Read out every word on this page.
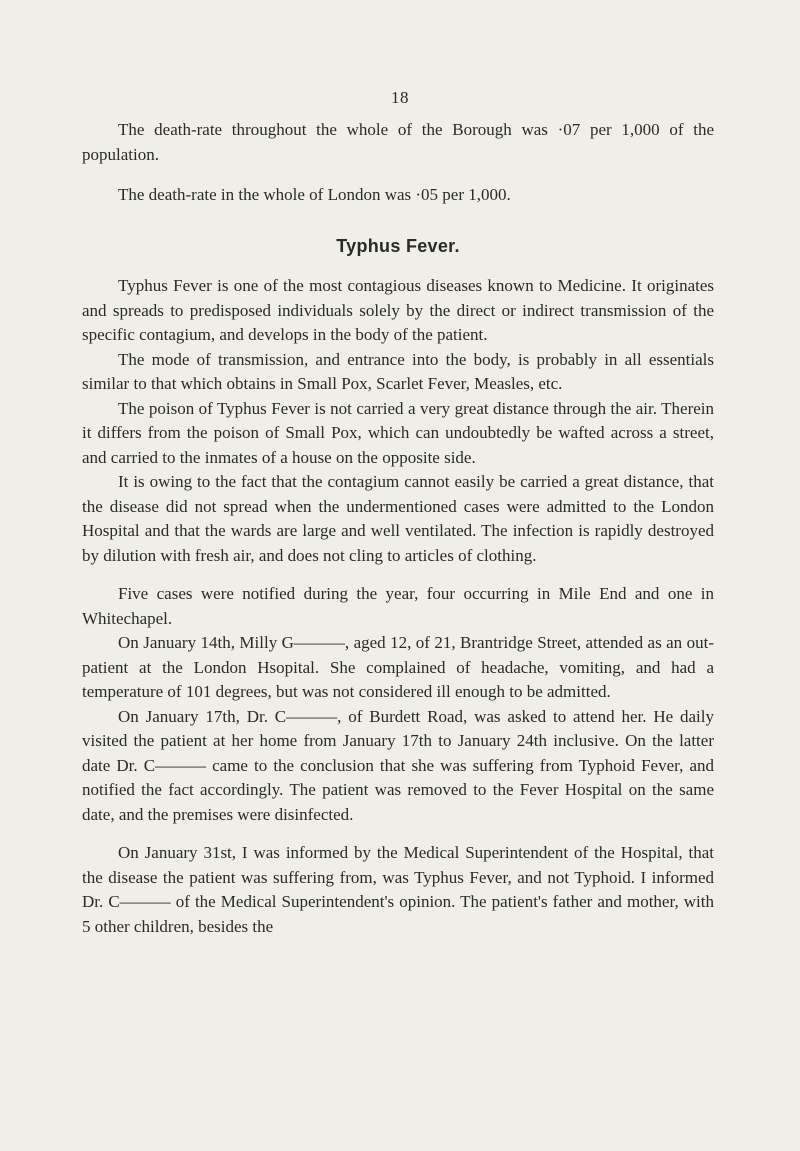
18

The death-rate throughout the whole of the Borough was ·07 per 1,000 of the population.

The death-rate in the whole of London was ·05 per 1,000.

Typhus Fever.

Typhus Fever is one of the most contagious diseases known to Medicine. It originates and spreads to predisposed individuals solely by the direct or indirect transmission of the specific contagium, and develops in the body of the patient.

The mode of transmission, and entrance into the body, is probably in all essentials similar to that which obtains in Small Pox, Scarlet Fever, Measles, etc.

The poison of Typhus Fever is not carried a very great distance through the air. Therein it differs from the poison of Small Pox, which can undoubtedly be wafted across a street, and carried to the inmates of a house on the opposite side.

It is owing to the fact that the contagium cannot easily be carried a great distance, that the disease did not spread when the undermentioned cases were admitted to the London Hospital and that the wards are large and well ventilated. The infection is rapidly destroyed by dilution with fresh air, and does not cling to articles of clothing.

Five cases were notified during the year, four occurring in Mile End and one in Whitechapel.

On January 14th, Milly G———, aged 12, of 21, Brantridge Street, attended as an out-patient at the London Hsopital. She complained of headache, vomiting, and had a temperature of 101 degrees, but was not considered ill enough to be admitted.

On January 17th, Dr. C———, of Burdett Road, was asked to attend her. He daily visited the patient at her home from January 17th to January 24th inclusive. On the latter date Dr. C——— came to the conclusion that she was suffering from Typhoid Fever, and notified the fact accordingly. The patient was removed to the Fever Hospital on the same date, and the premises were disinfected.

On January 31st, I was informed by the Medical Superintendent of the Hospital, that the disease the patient was suffering from, was Typhus Fever, and not Typhoid. I informed Dr. C——— of the Medical Superintendent's opinion. The patient's father and mother, with 5 other children, besides the
